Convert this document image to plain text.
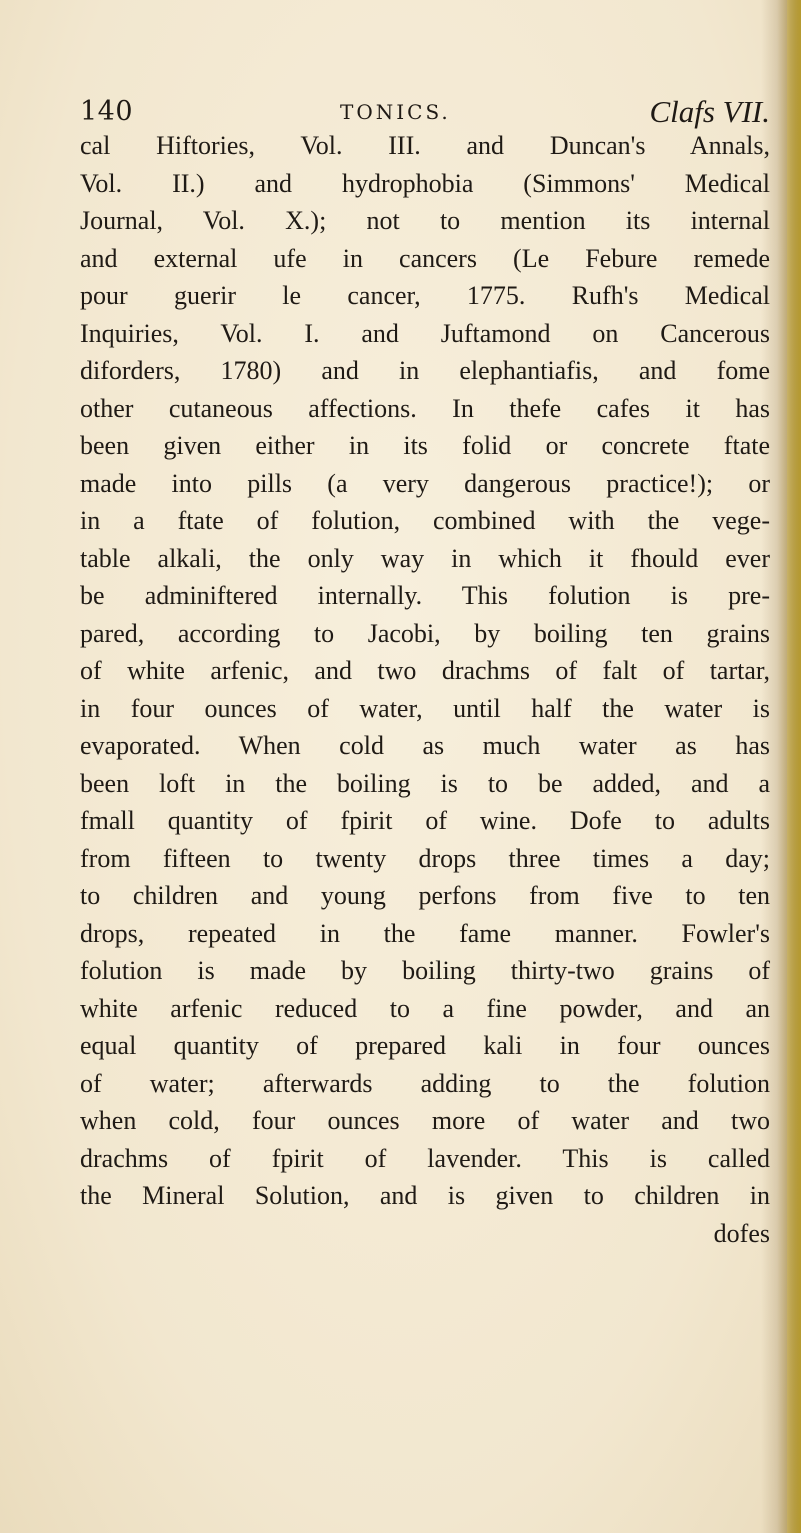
140	TONICS.	Clafs VII.
cal Hiftories, Vol. III. and Duncan's Annals,
Vol. II.) and hydrophobia (Simmons' Medical
Journal, Vol. X.); not to mention its internal
and external ufe in cancers (Le Febure remede
pour guerir le cancer, 1775. Rufh's Medical
Inquiries, Vol. I. and Juftamond on Cancerous
diforders, 1780) and in elephantiafis, and fome
other cutaneous affections. In thefe cafes it has
been given either in its folid or concrete ftate
made into pills (a very dangerous practice!); or
in a ftate of folution, combined with the vege-
table alkali, the only way in which it fhould ever
be adminiftered internally. This folution is pre-
pared, according to Jacobi, by boiling ten grains
of white arfenic, and two drachms of falt of tartar,
in four ounces of water, until half the water is
evaporated. When cold as much water as has
been loft in the boiling is to be added, and a
fmall quantity of fpirit of wine. Dofe to adults
from fifteen to twenty drops three times a day;
to children and young perfons from five to ten
drops, repeated in the fame manner. Fowler's
folution is made by boiling thirty-two grains of
white arfenic reduced to a fine powder, and an
equal quantity of prepared kali in four ounces
of water; afterwards adding to the folution
when cold, four ounces more of water and two
drachms of fpirit of lavender. This is called
the Mineral Solution, and is given to children in
dofes
